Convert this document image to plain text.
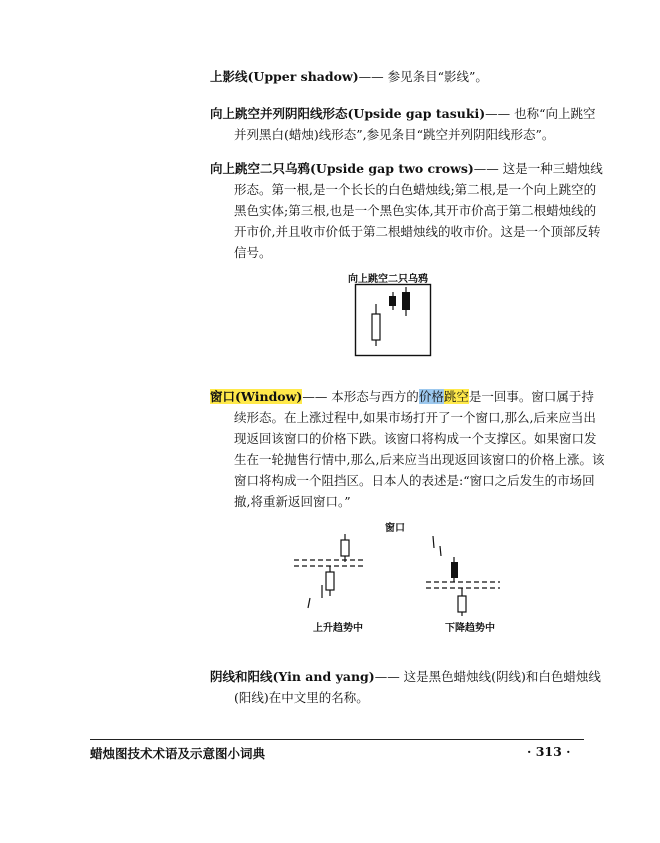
上影线(Upper shadow)—— 参见条目“影线”。

向上跳空并列阴阳线形态(Upside gap tasuki)—— 也称“向上跳空并列黑白(蜡烛)线形态”,参见条目“跳空并列阴阳线形态”。

向上跳空二只乌鸦(Upside gap two crows)—— 这是一种三蜡烛线形态。第一根,是一个长长的白色蜡烛线;第二根,是一个向上跳空的黑色实体;第三根,也是一个黑色实体,其开市价高于第二根蜡烛线的开市价,并且收市价低于第二根蜡烛线的收市价。这是一个顶部反转信号。

向上跳空二只乌鸦

窗口(Window)—— 本形态与西方的价格跳空是一回事。窗口属于持续形态。在上涨过程中,如果市场打开了一个窗口,那么,后来应当出现返回该窗口的价格下跌。该窗口将构成一个支撑区。如果窗口发生在一轮抛售行情中,那么,后来应当出现返回该窗口的价格上涨。该窗口将构成一个阻挡区。日本人的表述是:“窗口之后发生的市场回撤,将重新返回窗口。”

窗口
上升趋势中	下降趋势中

阴线和阳线(Yin and yang)—— 这是黑色蜡烛线(阴线)和白色蜡烛线(阳线)在中文里的名称。

蜡烛图技术术语及示意图小词典	· 313 ·
